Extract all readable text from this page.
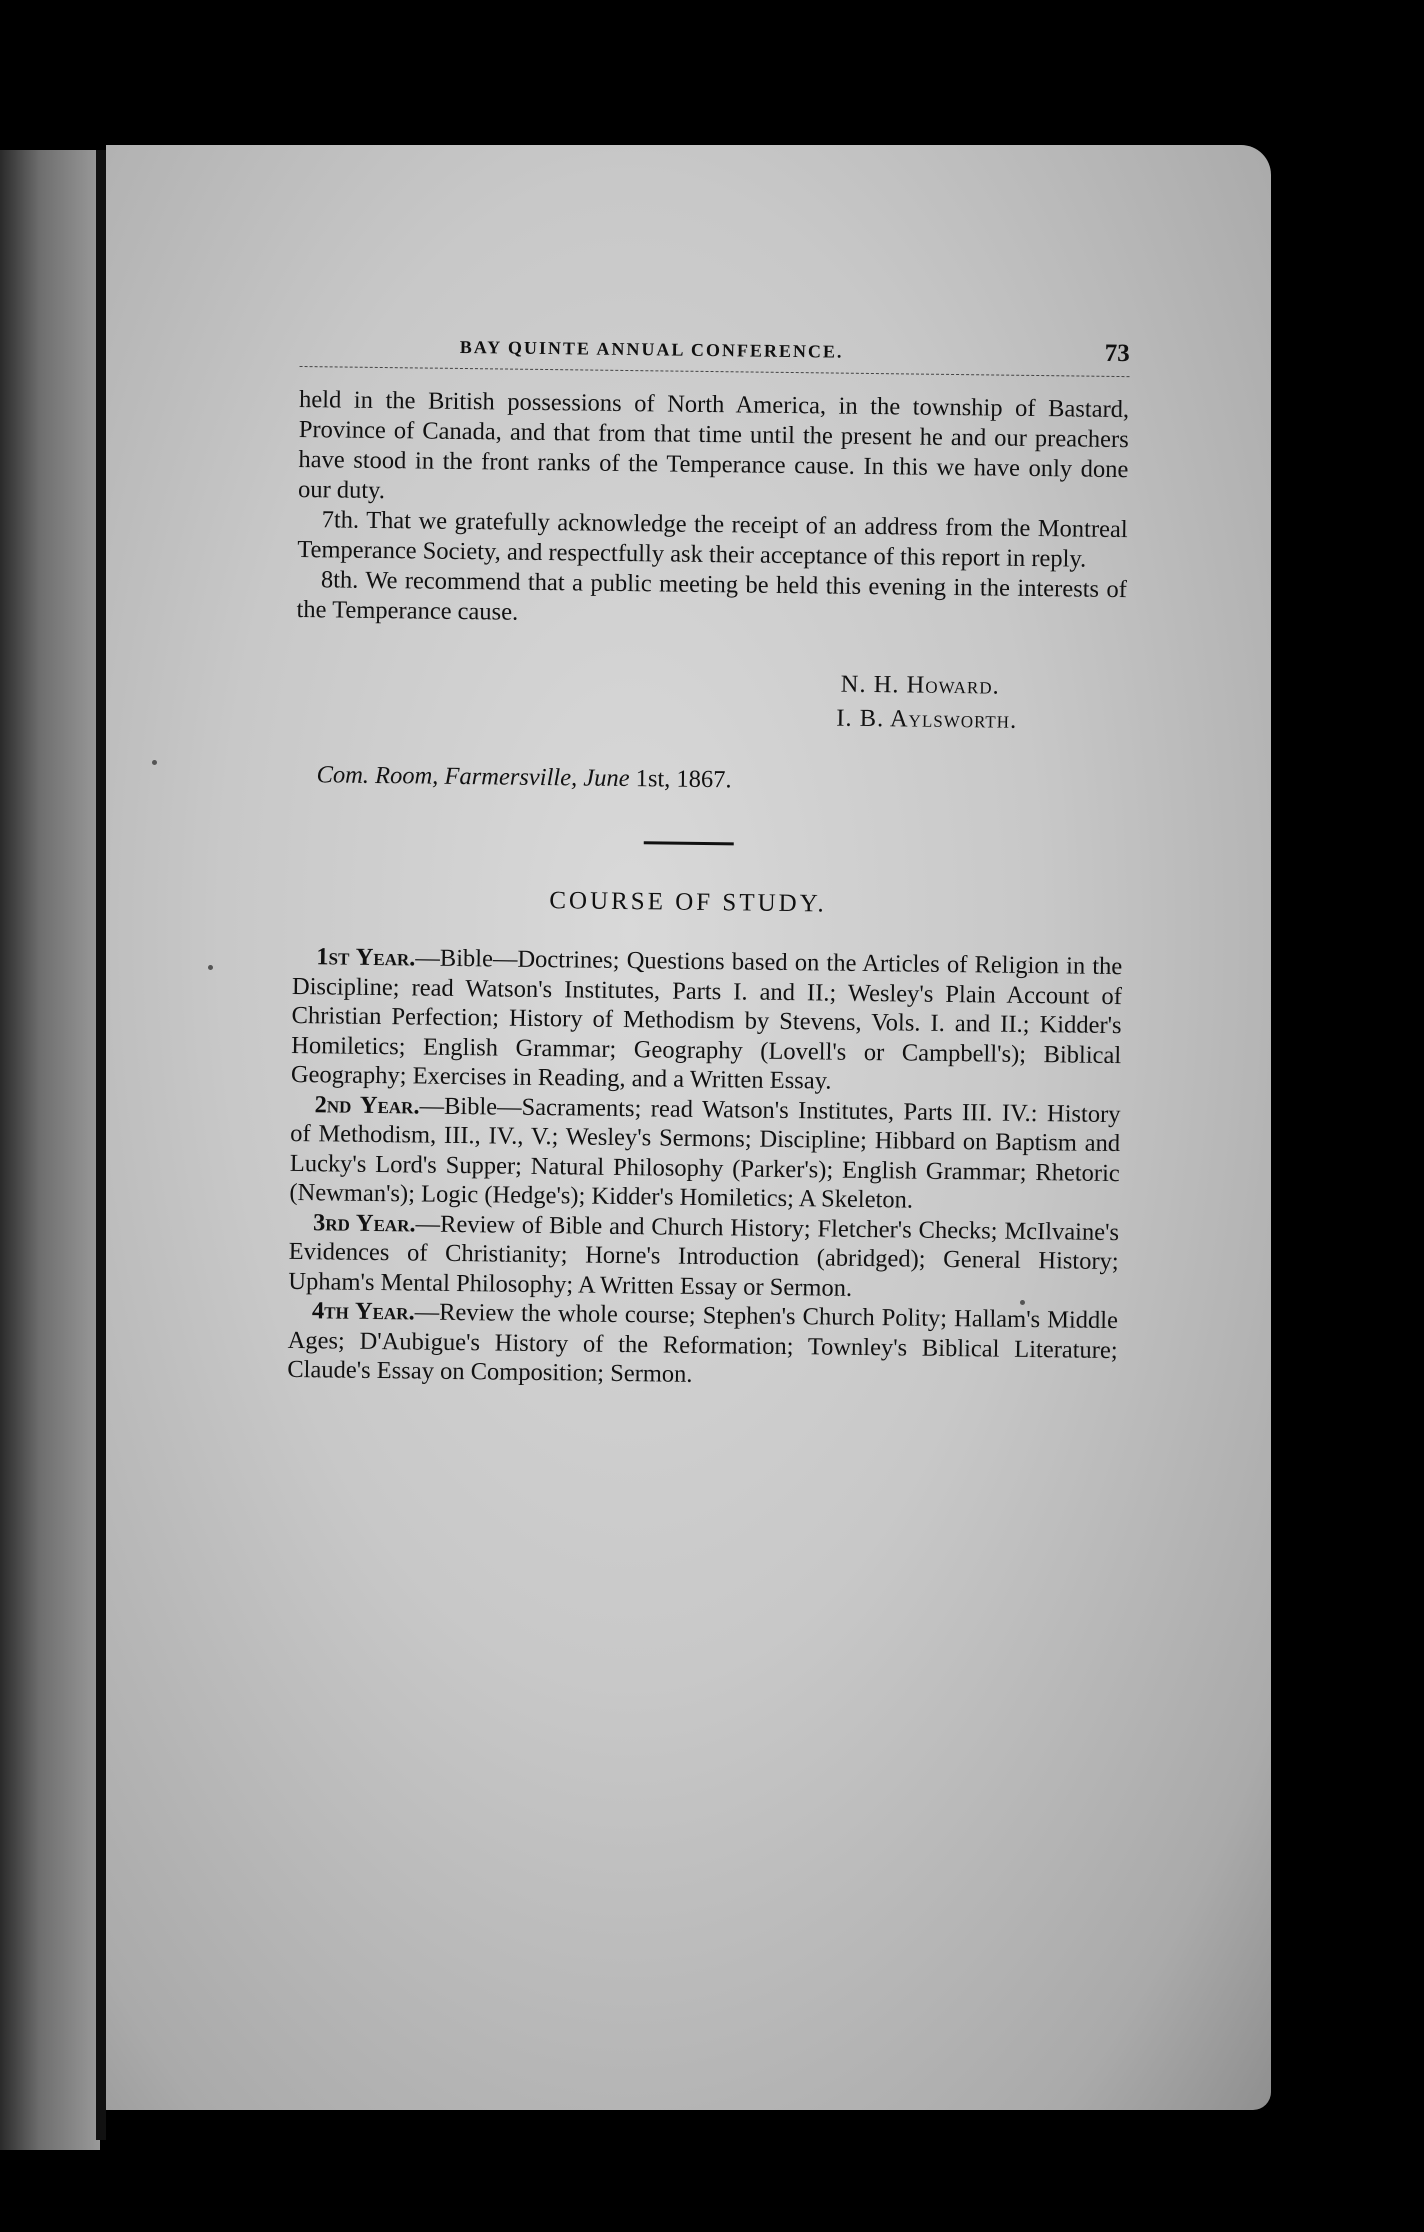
BAY QUINTE ANNUAL CONFERENCE.	73

held in the British possessions of North America, in the township of Bastard, Province of Canada, and that from that time until the present he and our preachers have stood in the front ranks of the Temperance cause. In this we have only done our duty.

7th. That we gratefully acknowledge the receipt of an address from the Montreal Temperance Society, and respectfully ask their acceptance of this report in reply.

8th. We recommend that a public meeting be held this evening in the interests of the Temperance cause.

N. H. Howard.
I. B. Aylsworth.
Com. Room, Farmersville, June 1st, 1867.
COURSE OF STUDY.

1st Year.—Bible—Doctrines; Questions based on the Articles of Religion in the Discipline; read Watson's Institutes, Parts I. and II.; Wesley's Plain Account of Christian Perfection; History of Methodism by Stevens, Vols. I. and II.; Kidder's Homiletics; English Grammar; Geography (Lovell's or Campbell's); Biblical Geography; Exercises in Reading, and a Written Essay.

2nd Year.—Bible—Sacraments; read Watson's Institutes, Parts III. IV.: History of Methodism, III., IV., V.; Wesley's Sermons; Discipline; Hibbard on Baptism and Lucky's Lord's Supper; Natural Philosophy (Parker's); English Grammar; Rhetoric (Newman's); Logic (Hedge's); Kidder's Homiletics; A Skeleton.

3rd Year.—Review of Bible and Church History; Fletcher's Checks; McIlvaine's Evidences of Christianity; Horne's Introduction (abridged); General History; Upham's Mental Philosophy; A Written Essay or Sermon.

4th Year.—Review the whole course; Stephen's Church Polity; Hallam's Middle Ages; D'Aubigue's History of the Reformation; Townley's Biblical Literature; Claude's Essay on Composition; Sermon.
